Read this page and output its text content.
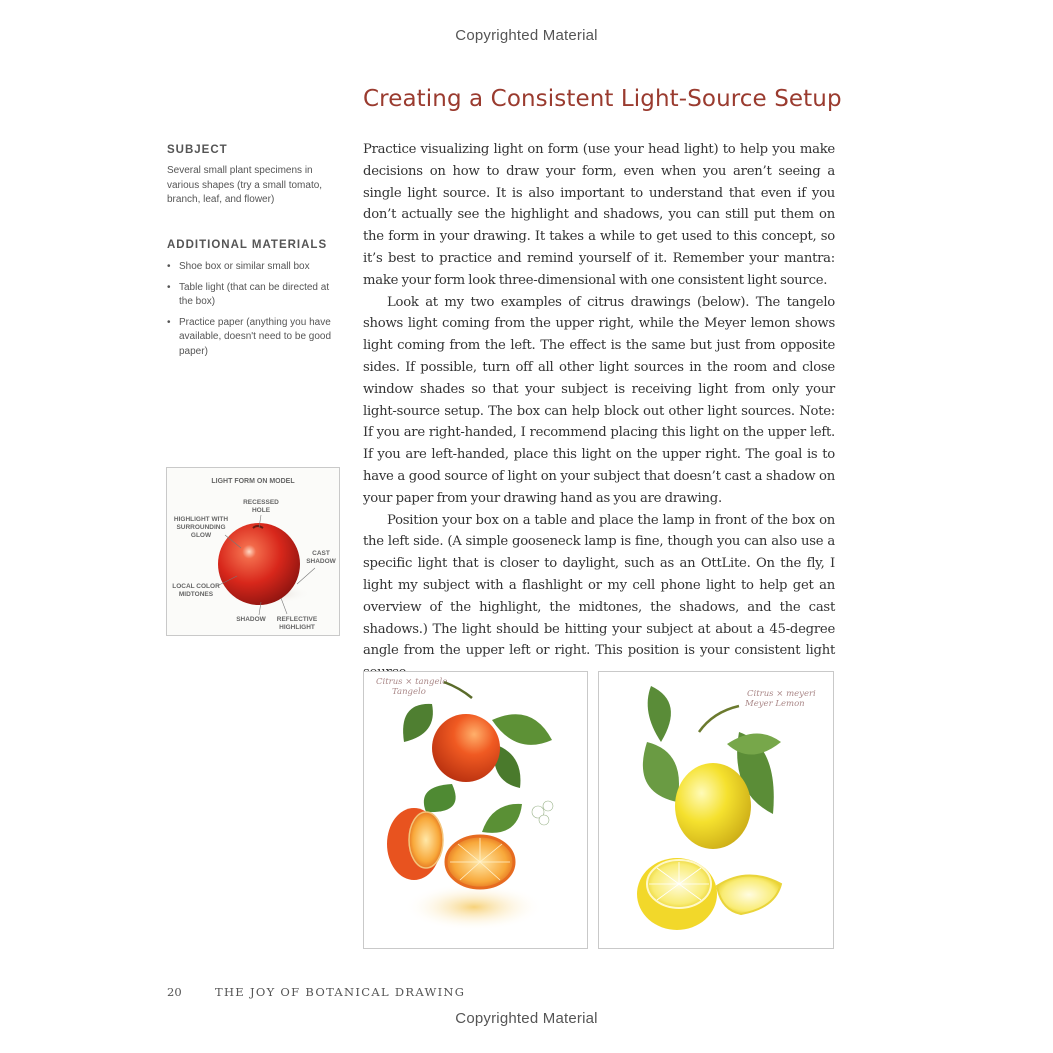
Copyrighted Material
Creating a Consistent Light-Source Setup
SUBJECT
Several small plant specimens in various shapes (try a small tomato, branch, leaf, and flower)
ADDITIONAL MATERIALS
• Shoe box or similar small box
• Table light (that can be directed at the box)
• Practice paper (anything you have available, doesn't need to be good paper)
LIGHT FORM ON MODEL
RECESSED HOLE
HIGHLIGHT WITH SURROUNDING GLOW
CAST SHADOW
LOCAL COLOR MIDTONES
SHADOW	REFLECTIVE HIGHLIGHT

Practice visualizing light on form (use your head light) to help you make decisions on how to draw your form, even when you aren’t seeing a single light source. It is also important to understand that even if you don’t actually see the highlight and shadows, you can still put them on the form in your drawing. It takes a while to get used to this concept, so it’s best to practice and remind yourself of it. Remember your mantra: make your form look three-dimensional with one consistent light source.

Look at my two examples of citrus drawings (below). The tangelo shows light coming from the upper right, while the Meyer lemon shows light coming from the left. The effect is the same but just from opposite sides. If possible, turn off all other light sources in the room and close window shades so that your subject is receiving light from only your light-source setup. The box can help block out other light sources. Note: If you are right-handed, I recommend placing this light on the upper left. If you are left-handed, place this light on the upper right. The goal is to have a good source of light on your subject that doesn’t cast a shadow on your paper from your drawing hand as you are drawing.

Position your box on a table and place the lamp in front of the box on the left side. (A simple gooseneck lamp is fine, though you can also use a specific light that is closer to daylight, such as an OttLite. On the fly, I light my subject with a flashlight or my cell phone light to help get an overview of the highlight, the midtones, the shadows, and the cast shadows.) The light should be hitting your subject at about a 45-degree angle from the upper left or right. This position is your consistent light

Citrus × tangelo
Tangelo	Citrus × meyeri
Meyer Lemon
20	THE JOY OF BOTANICAL DRAWING
Copyrighted Material
